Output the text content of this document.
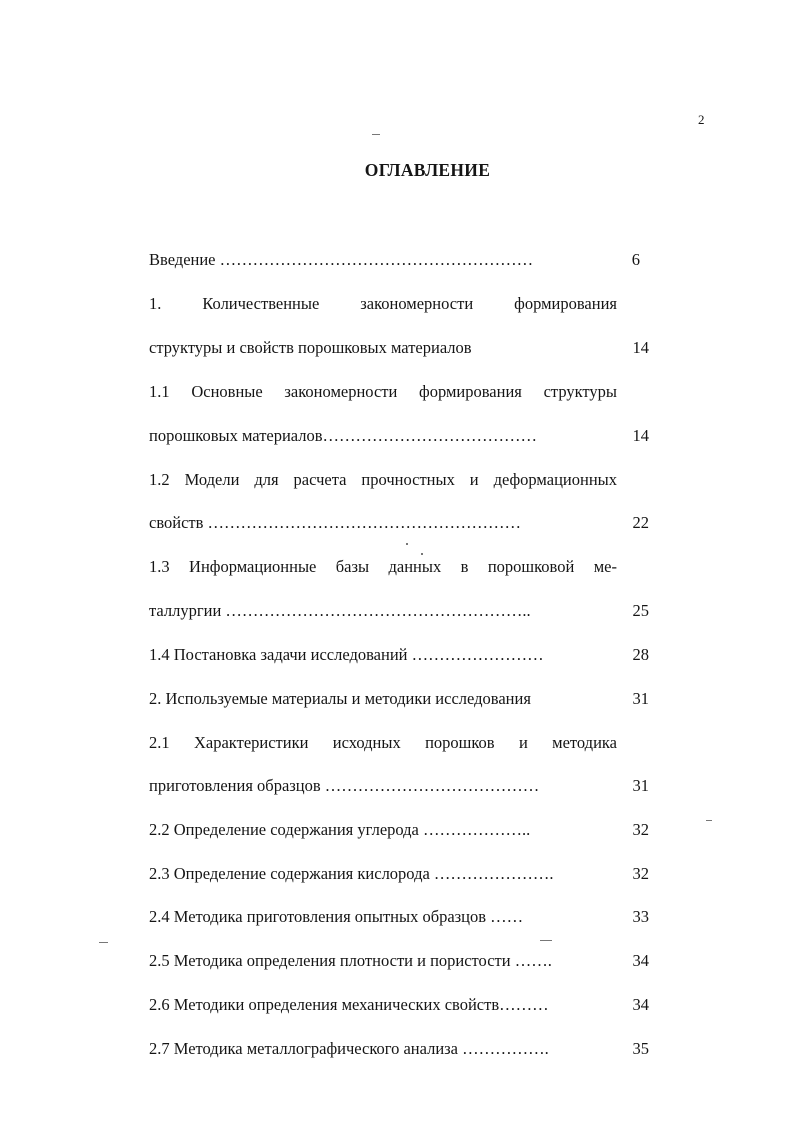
2
ОГЛАВЛЕНИЕ
Введение …………………………………………………	6
1. Количественные закономерности формирования
структуры и свойств порошковых материалов	14
1.1 Основные закономерности формирования структуры
порошковых материалов…………………………………	14
1.2 Модели для расчета прочностных и деформационных
свойств …………………………………………………	22
1.3 Информационные базы данных в порошковой ме-
таллургии ………………………………………………..	25
1.4 Постановка задачи исследований ……………………	28
2. Используемые материалы и методики исследования	31
2.1 Характеристики исходных порошков и методика
приготовления образцов …………………………………	31
2.2 Определение содержания углерода ………………..	32
2.3 Определение содержания кислорода ………………….	32
2.4 Методика приготовления опытных образцов ……	33
2.5 Методика определения плотности и пористости …….	34
2.6 Методики определения механических свойств………	34
2.7 Методика металлографического анализа …………….	35
